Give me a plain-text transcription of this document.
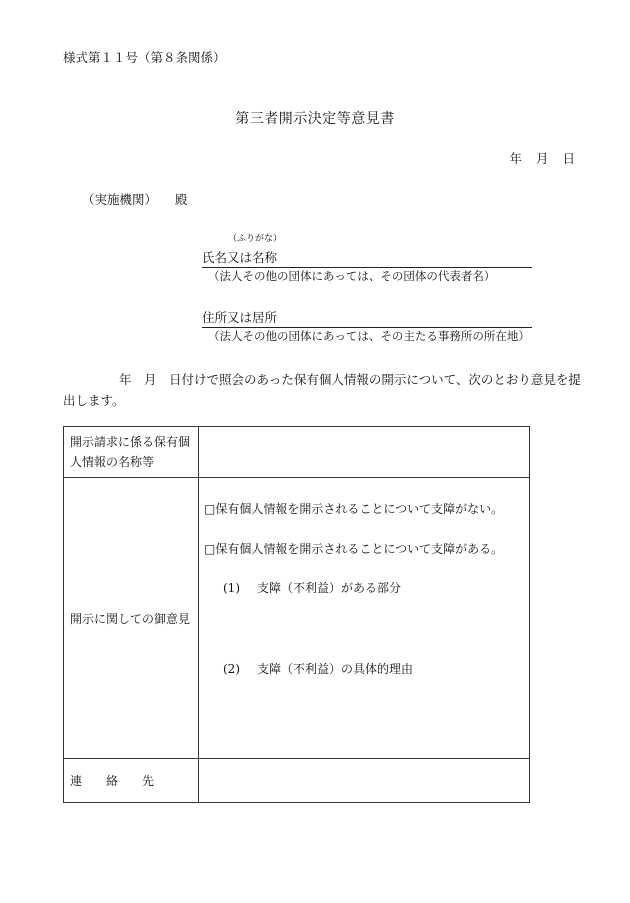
様式第１１号（第８条関係）
第三者開示決定等意見書
年 月 日
（実施機関） 殿
（ふりがな）
氏名又は名称
（法人その他の団体にあっては、その団体の代表者名）
住所又は居所
（法人その他の団体にあっては、その主たる事務所の所在地）
年　月　日付けで照会のあった保有個人情報の開示について、次のとおり意見を提出します。
開示請求に係る保有個人情報の名称等	

開示に関しての御意見	□保有個人情報を開示されることについて支障がない。
□保有個人情報を開示されることについて支障がある。
(1) 支障（不利益）がある部分
(2) 支障（不利益）の具体的理由

連　絡　先	
